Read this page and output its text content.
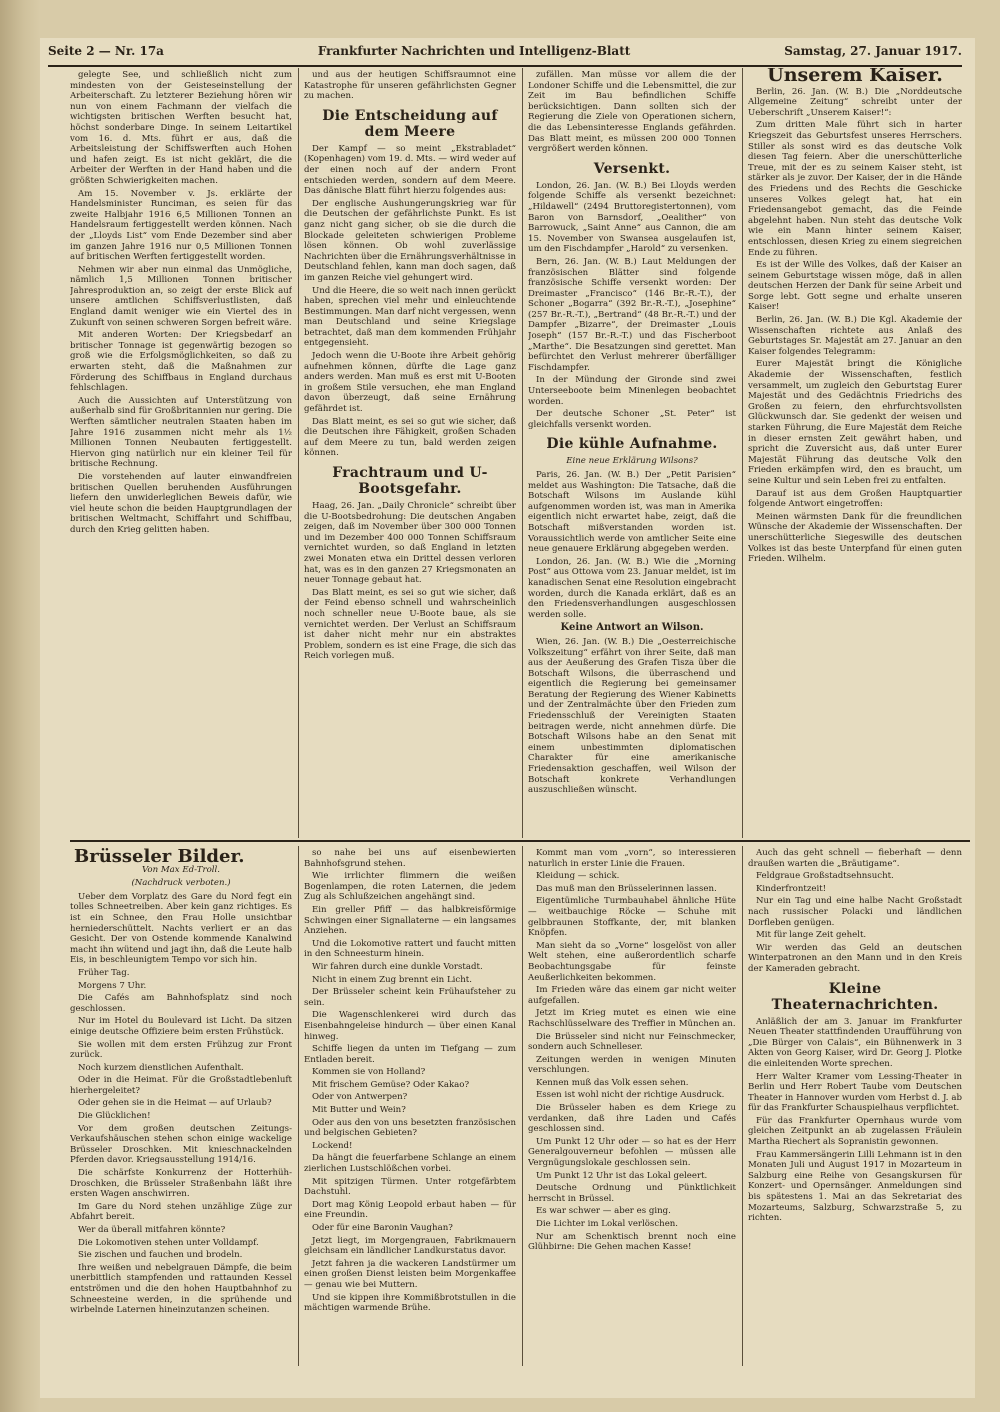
Seite 2 — Nr. 17a	Frankfurter Nachrichten und Intelligenz-Blatt	Samstag, 27. Januar 1917.

gelegte See, und schließlich nicht zum mindesten von der Geisteseinstellung der Arbeiterschaft. Zu letzterer Beziehung hören wir nun von einem Fachmann der vielfach die wichtigsten britischen Werften besucht hat, höchst sonderbare Dinge. In seinem Leitartikel vom 16. d. Mts. führt er aus, daß die Arbeitsleistung der Schiffswerften auch Hohen und hafen zeigt. Es ist nicht geklärt, die die Arbeiter der Werften in der Hand haben und die größten Schwierigkeiten machen.

Am 15. November v. Js. erklärte der Handelsminister Runciman, es seien für das zweite Halbjahr 1916 6,5 Millionen Tonnen an Handelsraum fertiggestellt werden können. Nach der „Lloyds List“ vom Ende Dezember sind aber im ganzen Jahre 1916 nur 0,5 Millionen Tonnen auf britischen Werften fertiggestellt worden.

Nehmen wir aber nun einmal das Unmögliche, nämlich 1,5 Millionen Tonnen britischer Jahresproduktion an, so zeigt der erste Blick auf unsere amtlichen Schiffsverlustlisten, daß England damit weniger wie ein Viertel des in Zukunft von seinen schweren Sorgen befreit wäre.

Mit anderen Worten: Der Kriegsbedarf an britischer Tonnage ist gegenwärtig bezogen so groß wie die Erfolgsmöglichkeiten, so daß zu erwarten steht, daß die Maßnahmen zur Förderung des Schiffbaus in England durchaus fehlschlagen.

Auch die Aussichten auf Unterstützung von außerhalb sind für Großbritannien nur gering. Die Werften sämtlicher neutralen Staaten haben im Jahre 1916 zusammen nicht mehr als 1½ Millionen Tonnen Neubauten fertiggestellt. Hiervon ging natürlich nur ein kleiner Teil für britische Rechnung.

Die vorstehenden auf lauter einwandfreien britischen Quellen beruhenden Ausführungen liefern den unwiderleglichen Beweis dafür, wie viel heute schon die beiden Hauptgrundlagen der britischen Weltmacht, Schiffahrt und Schiffbau, durch den Krieg gelitten haben.

und aus der heutigen Schiffsraumnot eine Katastrophe für unseren gefährlichsten Gegner zu machen.

Die Entscheidung auf dem Meere

Der Kampf — so meint „Ekstrabladet“ (Kopenhagen) vom 19. d. Mts. — wird weder auf der einen noch auf der andern Front entschieden werden, sondern auf dem Meere. Das dänische Blatt führt hierzu folgendes aus:

Der englische Aushungerungskrieg war für die Deutschen der gefährlichste Punkt. Es ist ganz nicht gang sicher, ob sie die durch die Blockade geleiteten schwierigen Probleme lösen können. Ob wohl zuverlässige Nachrichten über die Ernährungsverhältnisse in Deutschland fehlen, kann man doch sagen, daß im ganzen Reiche viel gehungert wird.

Und die Heere, die so weit nach innen gerückt haben, sprechen viel mehr und einleuchtende Bestimmungen. Man darf nicht vergessen, wenn man Deutschland und seine Kriegslage betrachtet, daß man dem kommenden Frühjahr entgegensieht.

Jedoch wenn die U-Boote ihre Arbeit gehörig aufnehmen können, dürfte die Lage ganz anders werden. Man muß es erst mit U-Booten in großem Stile versuchen, ehe man England davon überzeugt, daß seine Ernährung gefährdet ist.

Das Blatt meint, es sei so gut wie sicher, daß die Deutschen ihre Fähigkeit, großen Schaden auf dem Meere zu tun, bald werden zeigen können.

Frachtraum und U-Bootsgefahr.

Haag, 26. Jan. „Daily Chronicle“ schreibt über die U-Bootsbedrohung: Die deutschen Angaben zeigen, daß im November über 300 000 Tonnen und im Dezember 400 000 Tonnen Schiffsraum vernichtet wurden, so daß England in letzten zwei Monaten etwa ein Drittel dessen verloren hat, was es in den ganzen 27 Kriegsmonaten an neuer Tonnage gebaut hat.

Das Blatt meint, es sei so gut wie sicher, daß der Feind ebenso schnell und wahrscheinlich noch schneller neue U-Boote baue, als sie vernichtet werden. Der Verlust an Schiffsraum ist daher nicht mehr nur ein abstraktes Problem, sondern es ist eine Frage, die sich das Reich vorlegen muß.

zufällen. Man müsse vor allem die der Londoner Schiffe und die Lebensmittel, die zur Zeit im Bau befindlichen Schiffe berücksichtigen. Dann sollten sich der Regierung die Ziele von Operationen sichern, die das Lebensinteresse Englands gefährden. Das Blatt meint, es müssen 200 000 Tonnen vergrößert werden können.

Versenkt.

London, 26. Jan. (W. B.) Bei Lloyds werden folgende Schiffe als versenkt bezeichnet: „Hildawell“ (2494 Bruttoregistertonnen), vom Baron von Barnsdorf, „Oealither“ von Barrowuck, „Saint Anne“ aus Cannon, die am 15. November von Swansea ausgelaufen ist, um den Fischdampfer „Harold“ zu versenken.

Bern, 26. Jan. (W. B.) Laut Meldungen der französischen Blätter sind folgende französische Schiffe versenkt worden: Der Dreimaster „Francisco“ (146 Br.-R.-T.), der Schoner „Bogarra“ (392 Br.-R.-T.), „Josephine“ (257 Br.-R.-T.), „Bertrand“ (48 Br.-R.-T.) und der Dampfer „Bizarre“, der Dreimaster „Louis Joseph“ (157 Br.-R.-T.) und das Fischerboot „Marthe“. Die Besatzungen sind gerettet. Man befürchtet den Verlust mehrerer überfälliger Fischdampfer.

In der Mündung der Gironde sind zwei Unterseeboote beim Minenlegen beobachtet worden.

Der deutsche Schoner „St. Peter“ ist gleichfalls versenkt worden.

Die kühle Aufnahme.
Eine neue Erklärung Wilsons?

Paris, 26. Jan. (W. B.) Der „Petit Parisien“ meldet aus Washington: Die Tatsache, daß die Botschaft Wilsons im Auslande kühl aufgenommen worden ist, was man in Amerika eigentlich nicht erwartet habe, zeigt, daß die Botschaft mißverstanden worden ist. Voraussichtlich werde von amtlicher Seite eine neue genauere Erklärung abgegeben werden.

London, 26. Jan. (W. B.) Wie die „Morning Post“ aus Ottowa vom 23. Januar meldet, ist im kanadischen Senat eine Resolution eingebracht worden, durch die Kanada erklärt, daß es an den Friedensverhandlungen ausgeschlossen werden solle.

Keine Antwort an Wilson.

Wien, 26. Jan. (W. B.) Die „Oesterreichische Volkszeitung“ erfährt von ihrer Seite, daß man aus der Aeußerung des Grafen Tisza über die Botschaft Wilsons, die überraschend und eigentlich die Regierung bei gemeinsamer Beratung der Regierung des Wiener Kabinetts und der Zentralmächte über den Frieden zum Friedensschluß der Vereinigten Staaten beitragen werde, nicht annehmen dürfe. Die Botschaft Wilsons habe an den Senat mit einem unbestimmten diplomatischen Charakter für eine amerikanische Friedensaktion geschaffen, weil Wilson der Botschaft konkrete Verhandlungen auszuschließen wünscht.

Unserem Kaiser.

Berlin, 26. Jan. (W. B.) Die „Norddeutsche Allgemeine Zeitung“ schreibt unter der Ueberschrift „Unserem Kaiser!“:

Zum dritten Male führt sich in harter Kriegszeit das Geburtsfest unseres Herrschers. Stiller als sonst wird es das deutsche Volk diesen Tag feiern. Aber die unerschütterliche Treue, mit der es zu seinem Kaiser steht, ist stärker als je zuvor. Der Kaiser, der in die Hände des Friedens und des Rechts die Geschicke unseres Volkes gelegt hat, hat ein Friedensangebot gemacht, das die Feinde abgelehnt haben. Nun steht das deutsche Volk wie ein Mann hinter seinem Kaiser, entschlossen, diesen Krieg zu einem siegreichen Ende zu führen.

Es ist der Wille des Volkes, daß der Kaiser an seinem Geburtstage wissen möge, daß in allen deutschen Herzen der Dank für seine Arbeit und Sorge lebt. Gott segne und erhalte unseren Kaiser!

Berlin, 26. Jan. (W. B.) Die Kgl. Akademie der Wissenschaften richtete aus Anlaß des Geburtstages Sr. Majestät am 27. Januar an den Kaiser folgendes Telegramm:

Eurer Majestät bringt die Königliche Akademie der Wissenschaften, festlich versammelt, um zugleich den Geburtstag Eurer Majestät und des Gedächtnis Friedrichs des Großen zu feiern, den ehrfurchtsvollsten Glückwunsch dar. Sie gedenkt der weisen und starken Führung, die Eure Majestät dem Reiche in dieser ernsten Zeit gewährt haben, und spricht die Zuversicht aus, daß unter Eurer Majestät Führung das deutsche Volk den Frieden erkämpfen wird, den es braucht, um seine Kultur und sein Leben frei zu entfalten.

Darauf ist aus dem Großen Hauptquartier folgende Antwort eingetroffen:

Meinen wärmsten Dank für die freundlichen Wünsche der Akademie der Wissenschaften. Der unerschütterliche Siegeswille des deutschen Volkes ist das beste Unterpfand für einen guten Frieden. Wilhelm.

Brüsseler Bilder.
Von Max Ed-Troll.
(Nachdruck verboten.)

Ueber dem Vorplatz des Gare du Nord fegt ein tolles Schneetreiben. Aber kein ganz richtiges. Es ist ein Schnee, den Frau Holle unsichtbar herniederschüttelt. Nachts verliert er an das Gesicht. Der von Ostende kommende Kanalwind macht ihn wütend und jagt ihn, daß die Leute halb Eis, in beschleunigtem Tempo vor sich hin.

Früher Tag.

Morgens 7 Uhr.

Die Cafés am Bahnhofsplatz sind noch geschlossen.

Nur im Hotel du Boulevard ist Licht. Da sitzen einige deutsche Offiziere beim ersten Frühstück.

Sie wollen mit dem ersten Frühzug zur Front zurück.

Noch kurzem dienstlichen Aufenthalt.

Oder in die Heimat. Für die Großstadtlebenluft hierhergeleitet?

Oder gehen sie in die Heimat — auf Urlaub?

Die Glücklichen!

Vor dem großen deutschen Zeitungs-Verkaufshäuschen stehen schon einige wackelige Brüsseler Droschken. Mit knieschnackelnden Pferden davor. Kriegsausstellung 1914/16.

Die schärfste Konkurrenz der Hotterhüh-Droschken, die Brüsseler Straßenbahn läßt ihre ersten Wagen anschwirren.

Im Gare du Nord stehen unzählige Züge zur Abfahrt bereit.

Wer da überall mitfahren könnte?

Die Lokomotiven stehen unter Volldampf.

Sie zischen und fauchen und brodeln.

Ihre weißen und nebelgrauen Dämpfe, die beim unerbittlich stampfenden und rattaunden Kessel entströmen und die den hohen Hauptbahnhof zu Schneesteine werden, in die sprühende und wirbelnde Laternen hineinzutanzen scheinen.

so nahe bei uns auf eisenbewierten Bahnhofsgrund stehen.

Wie irrlichter flimmern die weißen Bogenlampen, die roten Laternen, die jedem Zug als Schlußzeichen angehängt sind.

Ein greller Pfiff — das halbkreisförmige Schwingen einer Signallaterne — ein langsames Anziehen.

Und die Lokomotive rattert und faucht mitten in den Schneesturm hinein.

Wir fahren durch eine dunkle Vorstadt.

Nicht in einem Zug brennt ein Licht.

Der Brüsseler scheint kein Frühaufsteher zu sein.

Die Wagenschlenkerei wird durch das Eisenbahngeleise hindurch — über einen Kanal hinweg.

Schiffe liegen da unten im Tiefgang — zum Entladen bereit.

Kommen sie von Holland?

Mit frischem Gemüse? Oder Kakao?

Oder von Antwerpen?

Mit Butter und Wein?

Oder aus den von uns besetzten französischen und belgischen Gebieten?

Lockend!

Da hängt die feuerfarbene Schlange an einem zierlichen Lustschlößchen vorbei.

Mit spitzigen Türmen. Unter rotgefärbtem Dachstuhl.

Dort mag König Leopold erbaut haben — für eine Freundin.

Oder für eine Baronin Vaughan?

Jetzt liegt, im Morgengrauen, Fabrikmauern gleichsam ein ländlicher Landkurstatus davor.

Jetzt fahren ja die wackeren Landstürmer um einen großen Dienst leisten beim Morgenkaffee — genau wie bei Muttern.

Und sie kippen ihre Kommißbrotstullen in die mächtigen warmende Brühe.

Kommt man vom „vorn“, so interessieren naturlich in erster Linie die Frauen.

Kleidung — schick.

Das muß man den Brüsselerinnen lassen.

Eigentümliche Turmbauhabel ähnliche Hüte — weitbauchige Röcke — Schuhe mit gelbbraunen Stoffkante, der, mit blanken Knöpfen.

Man sieht da so „Vorne“ losgelöst von aller Welt stehen, eine außerordentlich scharfe Beobachtungsgabe für feinste Aeußerlichkeiten bekommen.

Im Frieden wäre das einem gar nicht weiter aufgefallen.

Jetzt im Krieg mutet es einen wie eine Rachschlüsselware des Treffier in München an.

Die Brüsseler sind nicht nur Feinschmecker, sondern auch Schnelleser.

Zeitungen werden in wenigen Minuten verschlungen.

Kennen muß das Volk essen sehen.

Essen ist wohl nicht der richtige Ausdruck.

Die Brüsseler haben es dem Kriege zu verdanken, daß ihre Laden und Cafés geschlossen sind.

Um Punkt 12 Uhr oder — so hat es der Herr Generalgouverneur befohlen — müssen alle Vergnügungslokale geschlossen sein.

Um Punkt 12 Uhr ist das Lokal geleert.

Deutsche Ordnung und Pünktlichkeit herrscht in Brüssel.

Es war schwer — aber es ging.

Die Lichter im Lokal verlöschen.

Nur am Schenktisch brennt noch eine Glühbirne: Die Gehen machen Kasse!

Auch das geht schnell — fieberhaft — denn draußen warten die „Bräutigame“.

Feldgraue Großstadtsehnsucht.

Kinderfrontzeit!

Nur ein Tag und eine halbe Nacht Großstadt nach russischer Polacki und ländlichen Dorfleben genügen.

Mit für lange Zeit gehelt.

Wir werden das Geld an deutschen Winterpatronen an den Mann und in den Kreis der Kameraden gebracht.

Kleine Theaternachrichten.

Anläßlich der am 3. Januar im Frankfurter Neuen Theater stattfindenden Uraufführung von „Die Bürger von Calais“, ein Bühnenwerk in 3 Akten von Georg Kaiser, wird Dr. Georg J. Plotke die einleitenden Worte sprechen.

Herr Walter Kramer vom Lessing-Theater in Berlin und Herr Robert Taube vom Deutschen Theater in Hannover wurden vom Herbst d. J. ab für das Frankfurter Schauspielhaus verpflichtet.

Für das Frankfurter Opernhaus wurde vom gleichen Zeitpunkt an ab zugelassen Fräulein Martha Riechert als Sopranistin gewonnen.

Frau Kammersängerin Lilli Lehmann ist in den Monaten Juli und August 1917 in Mozarteum in Salzburg eine Reihe von Gesangskursen für Konzert- und Opernsänger. Anmeldungen sind bis spätestens 1. Mai an das Sekretariat des Mozarteums, Salzburg, Schwarzstraße 5, zu richten.
